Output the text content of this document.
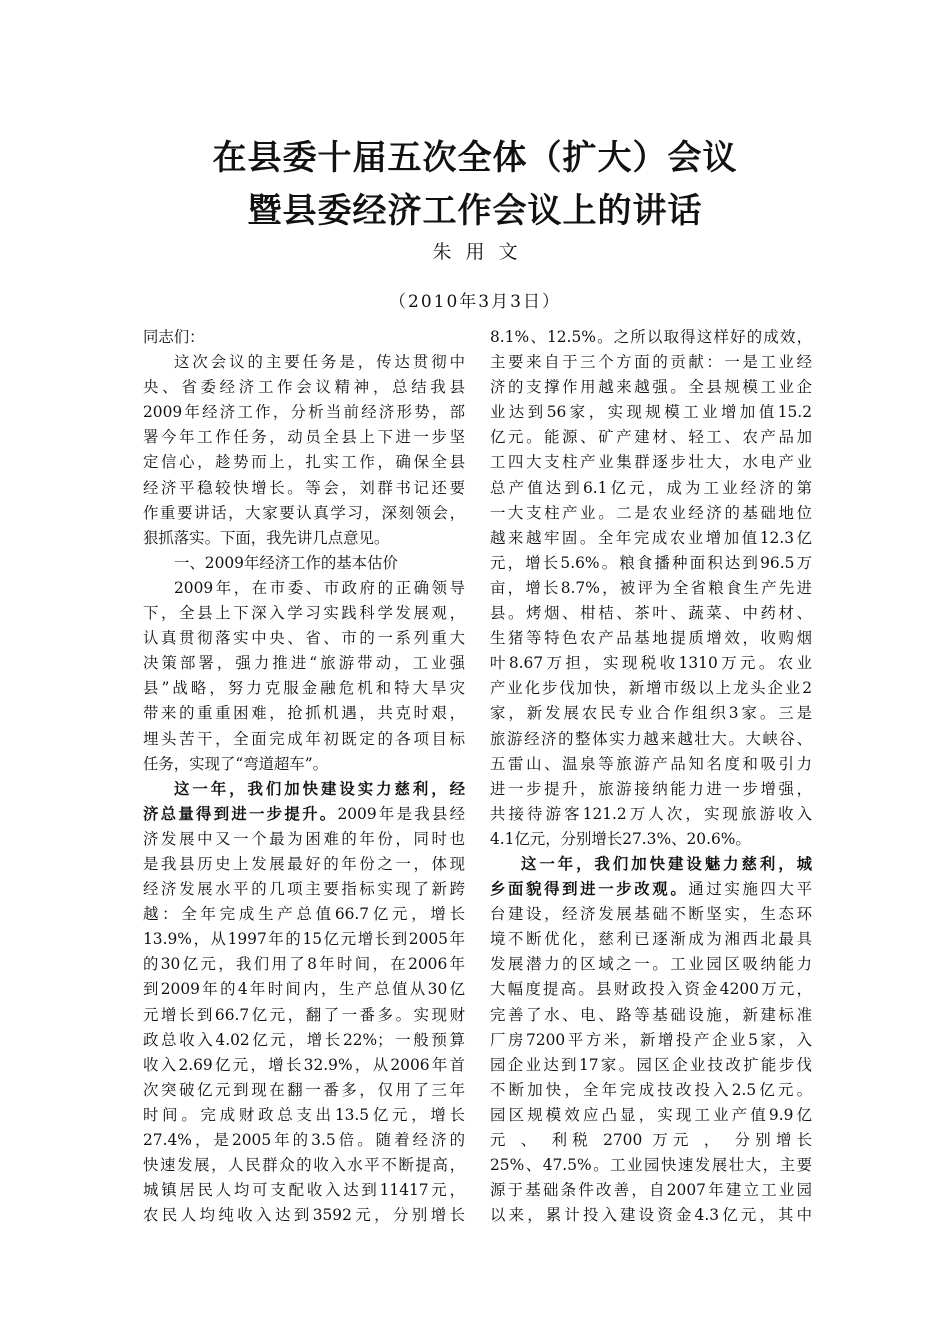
在县委十届五次全体（扩大）会议
暨县委经济工作会议上的讲话
朱用文
（2010年3月3日）
同志们：
这次会议的主要任务是，传达贯彻中
央、省委经济工作会议精神，总结我县
2009年经济工作，分析当前经济形势，部
署今年工作任务，动员全县上下进一步坚
定信心，趁势而上，扎实工作，确保全县
经济平稳较快增长。等会，刘群书记还要
作重要讲话，大家要认真学习，深刻领会，
狠抓落实。下面，我先讲几点意见。
一、2009年经济工作的基本估价
2009年，在市委、市政府的正确领导
下，全县上下深入学习实践科学发展观，
认真贯彻落实中央、省、市的一系列重大
决策部署，强力推进“旅游带动，工业强
县”战略，努力克服金融危机和特大旱灾
带来的重重困难，抢抓机遇，共克时艰，
埋头苦干，全面完成年初既定的各项目标
任务，实现了“弯道超车”。
这一年，我们加快建设实力慈利，经
济总量得到进一步提升。2009年是我县经
济发展中又一个最为困难的年份，同时也
是我县历史上发展最好的年份之一，体现
经济发展水平的几项主要指标实现了新跨
越：全年完成生产总值66.7亿元，增长
13.9%，从1997年的15亿元增长到2005年
的30亿元，我们用了8年时间，在2006年
到2009年的4年时间内，生产总值从30亿
元增长到66.7亿元，翻了一番多。实现财
政总收入4.02亿元，增长22%；一般预算
收入2.69亿元，增长32.9%，从2006年首
次突破亿元到现在翻一番多，仅用了三年
时间。完成财政总支出13.5亿元，增长
27.4%，是2005年的3.5倍。随着经济的
快速发展，人民群众的收入水平不断提高，
城镇居民人均可支配收入达到11417元，
农民人均纯收入达到3592元，分别增长
8.1%、12.5%。之所以取得这样好的成效，
主要来自于三个方面的贡献：一是工业经
济的支撑作用越来越强。全县规模工业企
业达到56家，实现规模工业增加值15.2
亿元。能源、矿产建材、轻工、农产品加
工四大支柱产业集群逐步壮大，水电产业
总产值达到6.1亿元，成为工业经济的第
一大支柱产业。二是农业经济的基础地位
越来越牢固。全年完成农业增加值12.3亿
元，增长5.6%。粮食播种面积达到96.5万
亩，增长8.7%，被评为全省粮食生产先进
县。烤烟、柑桔、茶叶、蔬菜、中药材、
生猪等特色农产品基地提质增效，收购烟
叶8.67万担，实现税收1310万元。农业
产业化步伐加快，新增市级以上龙头企业2
家，新发展农民专业合作组织3家。三是
旅游经济的整体实力越来越壮大。大峡谷、
五雷山、温泉等旅游产品知名度和吸引力
进一步提升，旅游接纳能力进一步增强，
共接待游客121.2万人次，实现旅游收入
4.1亿元，分别增长27.3%、20.6%。
这一年，我们加快建设魅力慈利，城
乡面貌得到进一步改观。通过实施四大平
台建设，经济发展基础不断坚实，生态环
境不断优化，慈利已逐渐成为湘西北最具
发展潜力的区域之一。工业园区吸纳能力
大幅度提高。县财政投入资金4200万元，
完善了水、电、路等基础设施，新建标准
厂房7200平方米，新增投产企业5家，入
园企业达到17家。园区企业技改扩能步伐
不断加快，全年完成技改投入2.5亿元。
园区规模效应凸显，实现工业产值9.9亿
元 、 利税 2700 万元 ， 分别增长
25%、47.5%。工业园快速发展壮大，主要
源于基础条件改善，自2007年建立工业园
以来，累计投入建设资金4.3亿元，其中
